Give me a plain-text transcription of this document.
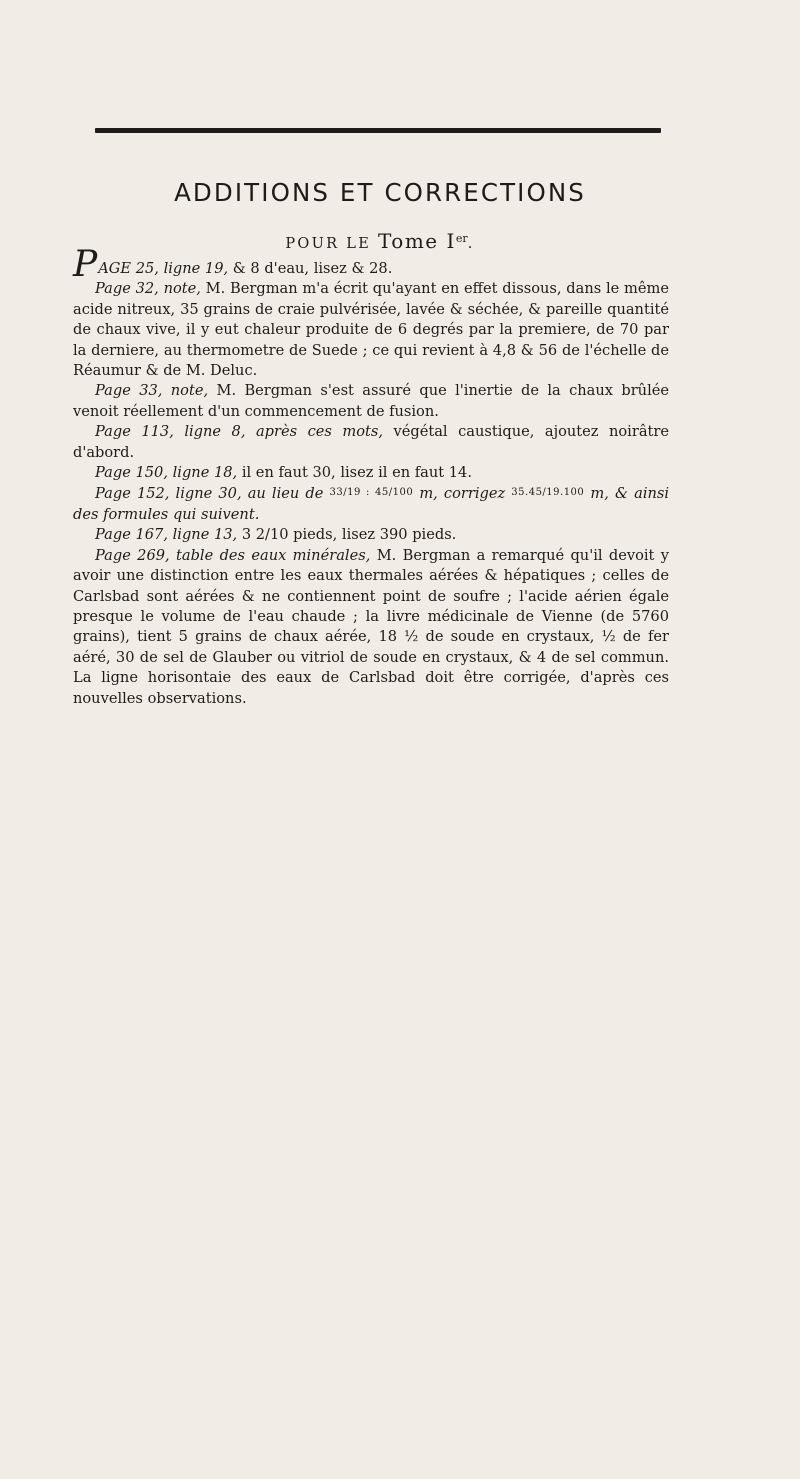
ADDITIONS ET CORRECTIONS
POUR LE Tome Ier.

PAGE 25, ligne 19, & 8 d'eau, lisez & 28.

Page 32, note, M. Bergman m'a écrit qu'ayant en effet dissous, dans le même acide nitreux, 35 grains de craie pulvérisée, lavée & séchée, & pareille quantité de chaux vive, il y eut chaleur produite de 6 degrés par la premiere, de 70 par la derniere, au thermometre de Suede ; ce qui revient à 4,8 & 56 de l'échelle de Réaumur & de M. Deluc.

Page 33, note, M. Bergman s'est assuré que l'inertie de la chaux brûlée venoit réellement d'un commencement de fusion.

Page 113, ligne 8, après ces mots, végétal caustique, ajoutez noirâtre d'abord.

Page 150, ligne 18, il en faut 30, lisez il en faut 14.

Page 152, ligne 30, au lieu de $^{33/19 : 45/100}$ m, corrigez $^{35.45/19.100}$ m, & ainsi des formules qui suivent.

Page 167, ligne 13, 3 2/10 pieds, lisez 390 pieds.

Page 269, table des eaux minérales, M. Bergman a remarqué qu'il devoit y avoir une distinction entre les eaux thermales aérées & hépatiques ; celles de Carlsbad sont aérées & ne contiennent point de soufre ; l'acide aérien égale presque le volume de l'eau chaude ; la livre médicinale de Vienne (de 5760 grains), tient 5 grains de chaux aérée, 18 ½ de soude en crystaux, ½ de fer aéré, 30 de sel de Glauber ou vitriol de soude en crystaux, & 4 de sel commun. La ligne horisontaie des eaux de Carlsbad doit être corrigée, d'après ces nouvelles observations.
